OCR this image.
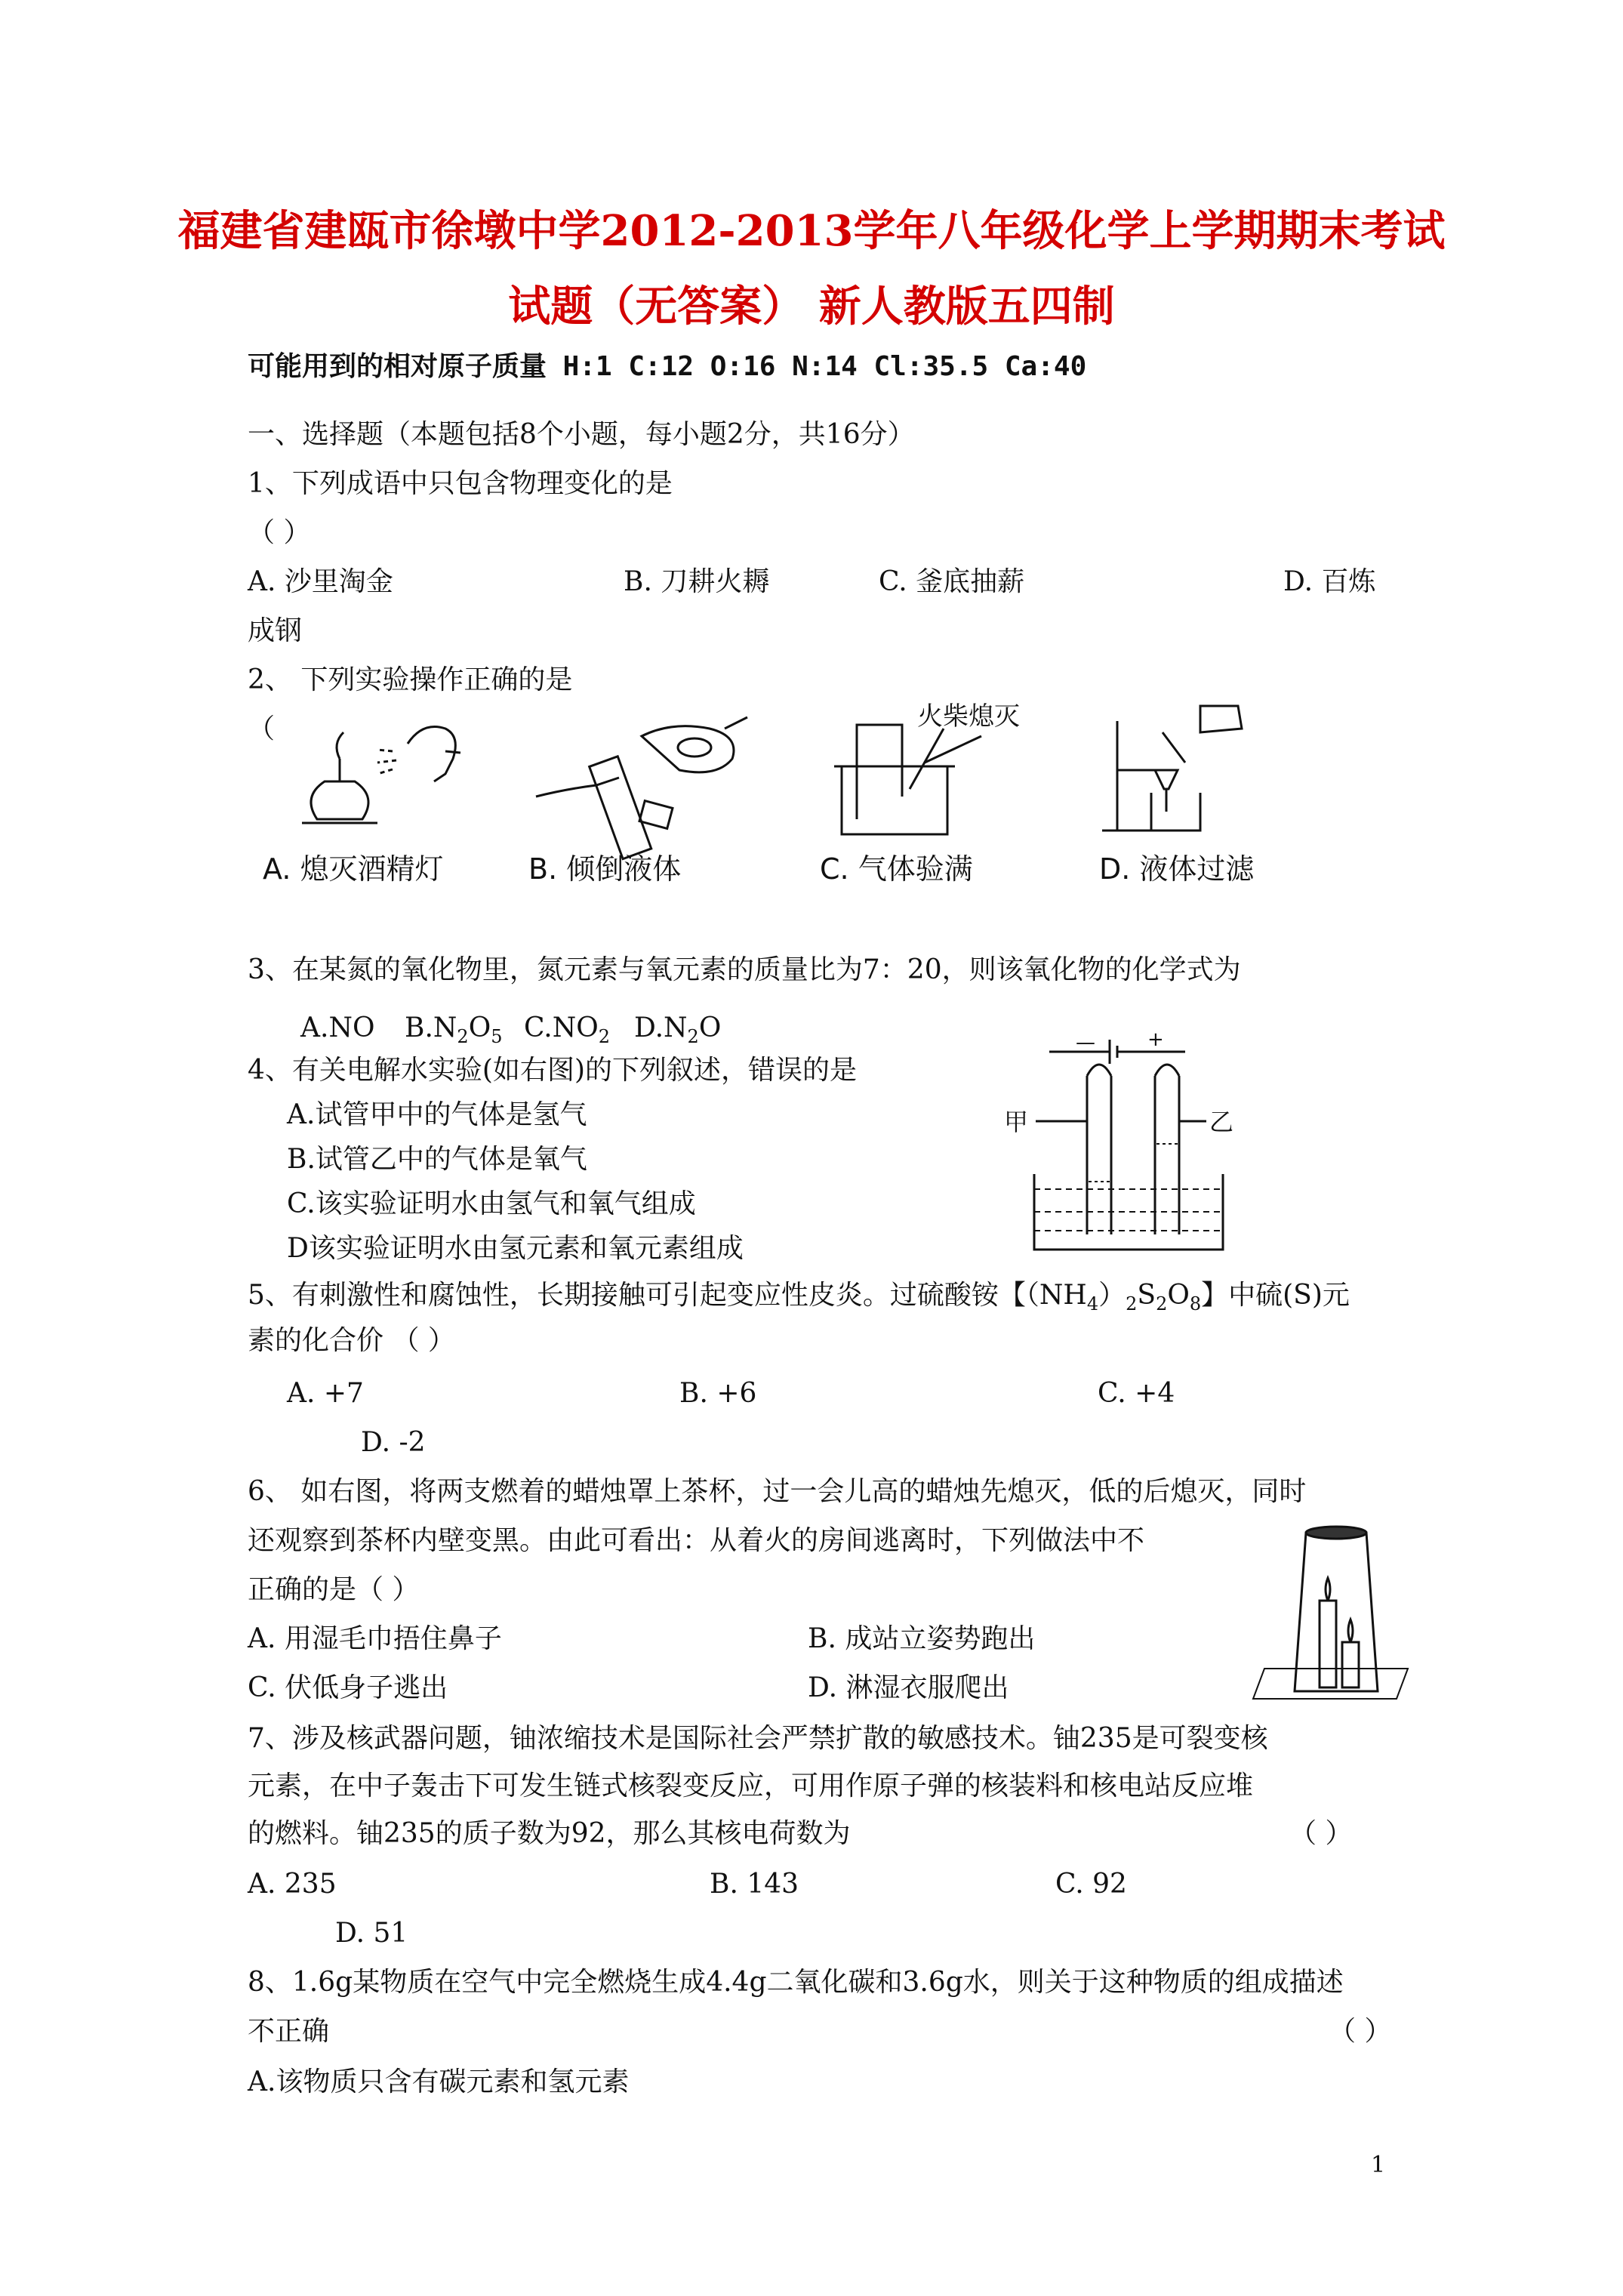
福建省建瓯市徐墩中学2012-2013学年八年级化学上学期期末考试
试题（无答案） 新人教版五四制
可能用到的相对原子质量 H:1 C:12 O:16 N:14 Cl:35.5 Ca:40
一、选择题（本题包括8个小题，每小题2分，共16分）
1、下列成语中只包含物理变化的是
（ ）
A. 沙里淘金	B. 刀耕火耨	C. 釜底抽薪	D. 百炼
成钢
2、 下列实验操作正确的是
（	火柴熄灭
A. 熄灭酒精灯	B. 倾倒液体	C. 气体验满	D. 液体过滤
3、在某氮的氧化物里，氮元素与氧元素的质量比为7：20，则该氧化物的化学式为
A.NO $B.N_2O_5$ $C.NO_2$ $D.N_2O$
4、有关电解水实验(如右图)的下列叙述，错误的是
A.试管甲中的气体是氢气
B.试管乙中的气体是氧气
C.该实验证明水由氢气和氧气组成
D该实验证明水由氢元素和氧元素组成
甲	乙
—	+
5、有刺激性和腐蚀性，长期接触可引起变应性皮炎。过硫酸铵【$(NH_4)_2S_2O_8$】中硫(S)元
素的化合价 （ ）
A. +7	B. +6	C. +4
D. -2
6、 如右图，将两支燃着的蜡烛罩上茶杯，过一会儿高的蜡烛先熄灭，低的后熄灭，同时
还观察到茶杯内壁变黑。由此可看出：从着火的房间逃离时，下列做法中不
正确的是（ ）
A. 用湿毛巾捂住鼻子	B. 成站立姿势跑出
C. 伏低身子逃出	D. 淋湿衣服爬出
7、涉及核武器问题，铀浓缩技术是国际社会严禁扩散的敏感技术。铀235是可裂变核
元素，在中子轰击下可发生链式核裂变反应，可用作原子弹的核装料和核电站反应堆
的燃料。铀235的质子数为92，那么其核电荷数为	（ ）
A. 235	B. 143	C. 92
D. 51
8、1.6g某物质在空气中完全燃烧生成4.4g二氧化碳和3.6g水，则关于这种物质的组成描述
不正确	（ ）
A.该物质只含有碳元素和氢元素
1
